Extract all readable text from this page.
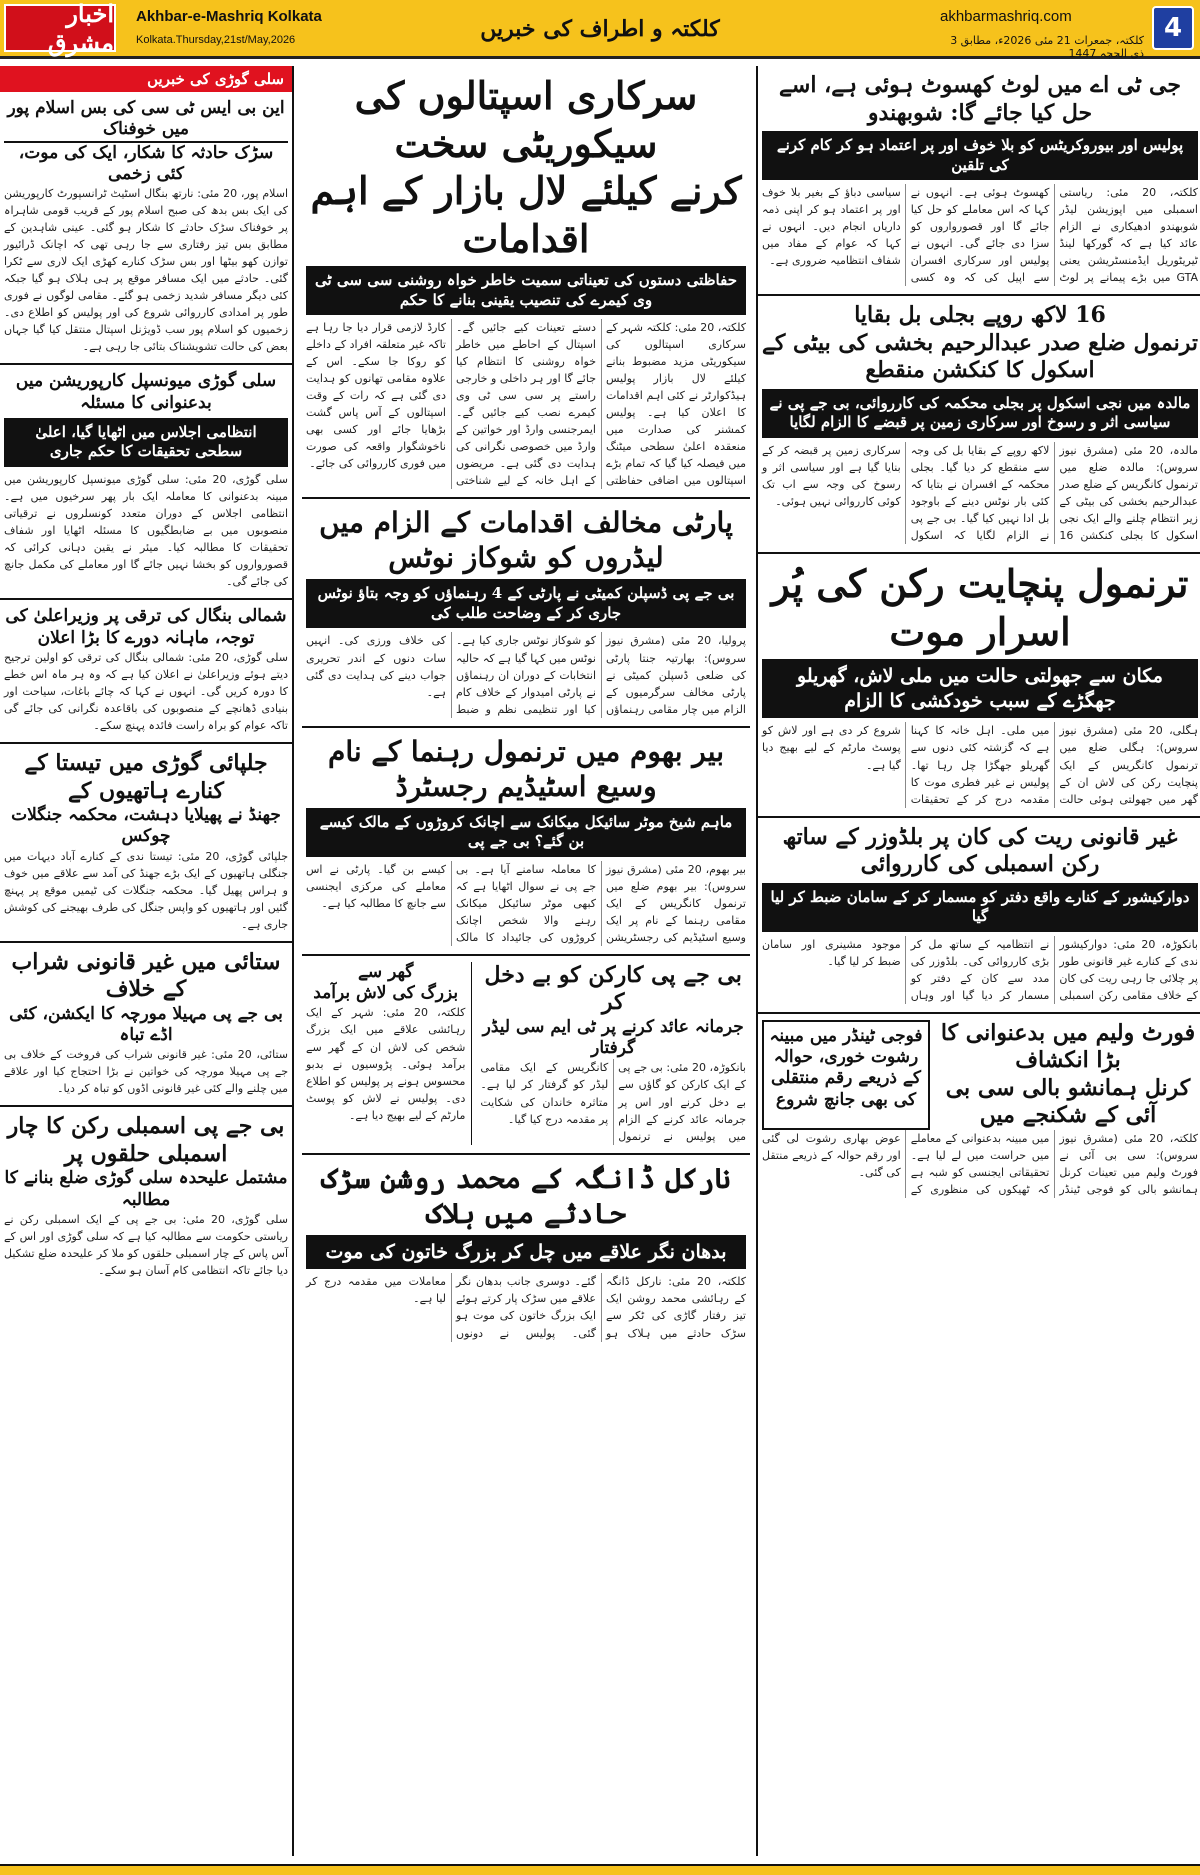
اخبار مشرق
Akhbar-e-Mashriq Kolkata
Kolkata.Thursday,21st/May,2026	کلکتہ و اطراف کی خبریں	akhbarmashriq.com
کلکتہ، جمعرات 21 مئی 2026ء، مطابق 3 ذی الحجہ 1447
4
سلی گوڑی کی خبریں
این بی ایس ٹی سی کی بس اسلام پور میں خوفناک
سڑک حادثہ کا شکار، ایک کی موت، کئی زخمی
اسلام پور، 20 مئی: نارتھ بنگال اسٹیٹ ٹرانسپورٹ کارپوریشن کی ایک بس بدھ کی صبح اسلام پور کے قریب قومی شاہراہ پر خوفناک سڑک حادثے کا شکار ہو گئی۔ عینی شاہدین کے مطابق بس تیز رفتاری سے جا رہی تھی کہ اچانک ڈرائیور توازن کھو بیٹھا اور بس سڑک کنارے کھڑی ایک لاری سے ٹکرا گئی۔ حادثے میں ایک مسافر موقع پر ہی ہلاک ہو گیا جبکہ کئی دیگر مسافر شدید زخمی ہو گئے۔ مقامی لوگوں نے فوری طور پر امدادی کارروائی شروع کی اور پولیس کو اطلاع دی۔ زخمیوں کو اسلام پور سب ڈویژنل اسپتال منتقل کیا گیا جہاں بعض کی حالت تشویشناک بتائی جا رہی ہے۔
سلی گوڑی میونسپل کارپوریشن میں بدعنوانی کا مسئلہ
انتظامی اجلاس میں اٹھایا گیا، اعلیٰ سطحی تحقیقات کا حکم جاری
سلی گوڑی، 20 مئی: سلی گوڑی میونسپل کارپوریشن میں مبینہ بدعنوانی کا معاملہ ایک بار پھر سرخیوں میں ہے۔ انتظامی اجلاس کے دوران متعدد کونسلروں نے ترقیاتی منصوبوں میں بے ضابطگیوں کا مسئلہ اٹھایا اور شفاف تحقیقات کا مطالبہ کیا۔ میئر نے یقین دہانی کرائی کہ قصورواروں کو بخشا نہیں جائے گا اور معاملے کی مکمل جانچ کی جائے گی۔
شمالی بنگال کی ترقی پر وزیراعلیٰ کی توجہ، ماہانہ دورے کا بڑا اعلان
سلی گوڑی، 20 مئی: شمالی بنگال کی ترقی کو اولین ترجیح دیتے ہوئے وزیراعلیٰ نے اعلان کیا ہے کہ وہ ہر ماہ اس خطے کا دورہ کریں گی۔ انہوں نے کہا کہ چائے باغات، سیاحت اور بنیادی ڈھانچے کے منصوبوں کی باقاعدہ نگرانی کی جائے گی تاکہ عوام کو براہ راست فائدہ پہنچ سکے۔
جلپائی گوڑی میں تیستا کے کنارے ہاتھیوں کے
جھنڈ نے پھیلایا دہشت، محکمہ جنگلات چوکس
جلپائی گوڑی، 20 مئی: تیستا ندی کے کنارے آباد دیہات میں جنگلی ہاتھیوں کے ایک بڑے جھنڈ کی آمد سے علاقے میں خوف و ہراس پھیل گیا۔ محکمہ جنگلات کی ٹیمیں موقع پر پہنچ گئیں اور ہاتھیوں کو واپس جنگل کی طرف بھیجنے کی کوشش جاری ہے۔
ستائی میں غیر قانونی شراب کے خلاف
بی جے پی مہیلا مورچہ کا ایکشن، کئی اڈے تباہ
ستائی، 20 مئی: غیر قانونی شراب کی فروخت کے خلاف بی جے پی مہیلا مورچہ کی خواتین نے بڑا احتجاج کیا اور علاقے میں چلنے والے کئی غیر قانونی اڈوں کو تباہ کر دیا۔
بی جے پی اسمبلی رکن کا چار اسمبلی حلقوں پر
مشتمل علیحدہ سلی گوڑی ضلع بنانے کا مطالبہ
سلی گوڑی، 20 مئی: بی جے پی کے ایک اسمبلی رکن نے ریاستی حکومت سے مطالبہ کیا ہے کہ سلی گوڑی اور اس کے آس پاس کے چار اسمبلی حلقوں کو ملا کر علیحدہ ضلع تشکیل دیا جائے تاکہ انتظامی کام آسان ہو سکے۔
سرکاری اسپتالوں کی سیکوریٹی سخت
کرنے کیلئے لال بازار کے اہم اقدامات
حفاظتی دستوں کی تعیناتی سمیت خاطر خواہ روشنی سی سی ٹی وی کیمرے کی تنصیب یقینی بنانے کا حکم
کلکتہ، 20 مئی: کلکتہ شہر کے سرکاری اسپتالوں کی سیکوریٹی مزید مضبوط بنانے کیلئے لال بازار پولیس ہیڈکوارٹر نے کئی اہم اقدامات کا اعلان کیا ہے۔ پولیس کمشنر کی صدارت میں منعقدہ اعلیٰ سطحی میٹنگ میں فیصلہ کیا گیا کہ تمام بڑے اسپتالوں میں اضافی حفاظتی دستے تعینات کیے جائیں گے۔ اسپتال کے احاطے میں خاطر خواہ روشنی کا انتظام کیا جائے گا اور ہر داخلی و خارجی راستے پر سی سی ٹی وی کیمرے نصب کیے جائیں گے۔ ایمرجنسی وارڈ اور خواتین کے وارڈ میں خصوصی نگرانی کی ہدایت دی گئی ہے۔ مریضوں کے اہل خانہ کے لیے شناختی کارڈ لازمی قرار دیا جا رہا ہے تاکہ غیر متعلقہ افراد کے داخلے کو روکا جا سکے۔ اس کے علاوہ مقامی تھانوں کو ہدایت دی گئی ہے کہ رات کے وقت اسپتالوں کے آس پاس گشت بڑھایا جائے اور کسی بھی ناخوشگوار واقعہ کی صورت میں فوری کارروائی کی جائے۔
پارٹی مخالف اقدامات کے الزام میں لیڈروں کو شوکاز نوٹس
بی جے پی ڈسپلن کمیٹی نے پارٹی کے 4 رہنماؤں کو وجہ بتاؤ نوٹس جاری کر کے وضاحت طلب کی
پرولیا، 20 مئی (مشرق نیوز سروس): بھارتیہ جنتا پارٹی کی ضلعی ڈسپلن کمیٹی نے پارٹی مخالف سرگرمیوں کے الزام میں چار مقامی رہنماؤں کو شوکاز نوٹس جاری کیا ہے۔ نوٹس میں کہا گیا ہے کہ حالیہ انتخابات کے دوران ان رہنماؤں نے پارٹی امیدوار کے خلاف کام کیا اور تنظیمی نظم و ضبط کی خلاف ورزی کی۔ انہیں سات دنوں کے اندر تحریری جواب دینے کی ہدایت دی گئی ہے۔
بیر بھوم میں ترنمول رہنما کے نام وسیع اسٹیڈیم رجسٹرڈ
ماہم شیخ موٹر سائیکل میکانک سے اچانک کروڑوں کے مالک کیسے بن گئے؟ بی جے پی
بیر بھوم، 20 مئی (مشرق نیوز سروس): بیر بھوم ضلع میں ترنمول کانگریس کے ایک مقامی رہنما کے نام پر ایک وسیع اسٹیڈیم کی رجسٹریشن کا معاملہ سامنے آیا ہے۔ بی جے پی نے سوال اٹھایا ہے کہ کبھی موٹر سائیکل میکانک رہنے والا شخص اچانک کروڑوں کی جائیداد کا مالک کیسے بن گیا۔ پارٹی نے اس معاملے کی مرکزی ایجنسی سے جانچ کا مطالبہ کیا ہے۔
بی جے پی کارکن کو بے دخل کر
جرمانہ عائد کرنے پر ٹی ایم سی لیڈر گرفتار
بانکوڑہ، 20 مئی: بی جے پی کے ایک کارکن کو گاؤں سے بے دخل کرنے اور اس پر جرمانہ عائد کرنے کے الزام میں پولیس نے ترنمول کانگریس کے ایک مقامی لیڈر کو گرفتار کر لیا ہے۔ متاثرہ خاندان کی شکایت پر مقدمہ درج کیا گیا۔
گھر سے
بزرگ کی لاش برآمد
کلکتہ، 20 مئی: شہر کے ایک رہائشی علاقے میں ایک بزرگ شخص کی لاش ان کے گھر سے برآمد ہوئی۔ پڑوسیوں نے بدبو محسوس ہونے پر پولیس کو اطلاع دی۔ پولیس نے لاش کو پوسٹ مارٹم کے لیے بھیج دیا ہے۔
نارکل ڈانگہ کے محمد روشن سڑک حادثے میں ہلاک
بدھان نگر علاقے میں چل کر بزرگ خاتون کی موت
کلکتہ، 20 مئی: نارکل ڈانگہ کے رہائشی محمد روشن ایک تیز رفتار گاڑی کی ٹکر سے سڑک حادثے میں ہلاک ہو گئے۔ دوسری جانب بدھان نگر علاقے میں سڑک پار کرتے ہوئے ایک بزرگ خاتون کی موت ہو گئی۔ پولیس نے دونوں معاملات میں مقدمہ درج کر لیا ہے۔
جی ٹی اے میں لوٹ کھسوٹ ہوئی ہے، اسے حل کیا جائے گا: شوبھندو
پولیس اور بیوروکریٹس کو بلا خوف اور پر اعتماد ہو کر کام کرنے کی تلقین
کلکتہ، 20 مئی: ریاستی اسمبلی میں اپوزیشن لیڈر شوبھندو ادھیکاری نے الزام عائد کیا ہے کہ گورکھا لینڈ ٹیریٹوریل ایڈمنسٹریشن یعنی GTA میں بڑے پیمانے پر لوٹ کھسوٹ ہوئی ہے۔ انہوں نے کہا کہ اس معاملے کو حل کیا جائے گا اور قصورواروں کو سزا دی جائے گی۔ انہوں نے پولیس اور سرکاری افسران سے اپیل کی کہ وہ کسی سیاسی دباؤ کے بغیر بلا خوف اور پر اعتماد ہو کر اپنی ذمہ داریاں انجام دیں۔ انہوں نے کہا کہ عوام کے مفاد میں شفاف انتظامیہ ضروری ہے۔
16 لاکھ روپے بجلی بل بقایا
ترنمول ضلع صدر عبدالرحیم بخشی کی بیٹی کے اسکول کا کنکشن منقطع
مالدہ میں نجی اسکول پر بجلی محکمہ کی کارروائی، بی جے پی نے سیاسی اثر و رسوخ اور سرکاری زمین پر قبضے کا الزام لگایا
مالدہ، 20 مئی (مشرق نیوز سروس): مالدہ ضلع میں ترنمول کانگریس کے ضلع صدر عبدالرحیم بخشی کی بیٹی کے زیر انتظام چلنے والے ایک نجی اسکول کا بجلی کنکشن 16 لاکھ روپے کے بقایا بل کی وجہ سے منقطع کر دیا گیا۔ بجلی محکمہ کے افسران نے بتایا کہ کئی بار نوٹس دینے کے باوجود بل ادا نہیں کیا گیا۔ بی جے پی نے الزام لگایا کہ اسکول سرکاری زمین پر قبضہ کر کے بنایا گیا ہے اور سیاسی اثر و رسوخ کی وجہ سے اب تک کوئی کارروائی نہیں ہوئی۔
ترنمول پنچایت رکن کی پُر اسرار موت
مکان سے جھولتی حالت میں ملی لاش، گھریلو جھگڑے کے سبب خودکشی کا الزام
ہگلی، 20 مئی (مشرق نیوز سروس): ہگلی ضلع میں ترنمول کانگریس کے ایک پنچایت رکن کی لاش ان کے گھر میں جھولتی ہوئی حالت میں ملی۔ اہل خانہ کا کہنا ہے کہ گزشتہ کئی دنوں سے گھریلو جھگڑا چل رہا تھا۔ پولیس نے غیر فطری موت کا مقدمہ درج کر کے تحقیقات شروع کر دی ہے اور لاش کو پوسٹ مارٹم کے لیے بھیج دیا گیا ہے۔
غیر قانونی ریت کی کان پر بلڈوزر کے ساتھ رکن اسمبلی کی کارروائی
دوارکیشور کے کنارے واقع دفتر کو مسمار کر کے سامان ضبط کر لیا گیا
بانکوڑہ، 20 مئی: دوارکیشور ندی کے کنارے غیر قانونی طور پر چلائی جا رہی ریت کی کان کے خلاف مقامی رکن اسمبلی نے انتظامیہ کے ساتھ مل کر بڑی کارروائی کی۔ بلڈوزر کی مدد سے کان کے دفتر کو مسمار کر دیا گیا اور وہاں موجود مشینری اور سامان ضبط کر لیا گیا۔
فورٹ ولیم میں بدعنوانی کا بڑا انکشاف
کرنل ہمانشو بالی سی بی آئی کے شکنجے میں
فوجی ٹینڈر میں مبینہ رشوت خوری، حوالہ کے ذریعے رقم منتقلی کی بھی جانچ شروع
کلکتہ، 20 مئی (مشرق نیوز سروس): سی بی آئی نے فورٹ ولیم میں تعینات کرنل ہمانشو بالی کو فوجی ٹینڈر میں مبینہ بدعنوانی کے معاملے میں حراست میں لے لیا ہے۔ تحقیقاتی ایجنسی کو شبہ ہے کہ ٹھیکوں کی منظوری کے عوض بھاری رشوت لی گئی اور رقم حوالہ کے ذریعے منتقل کی گئی۔
